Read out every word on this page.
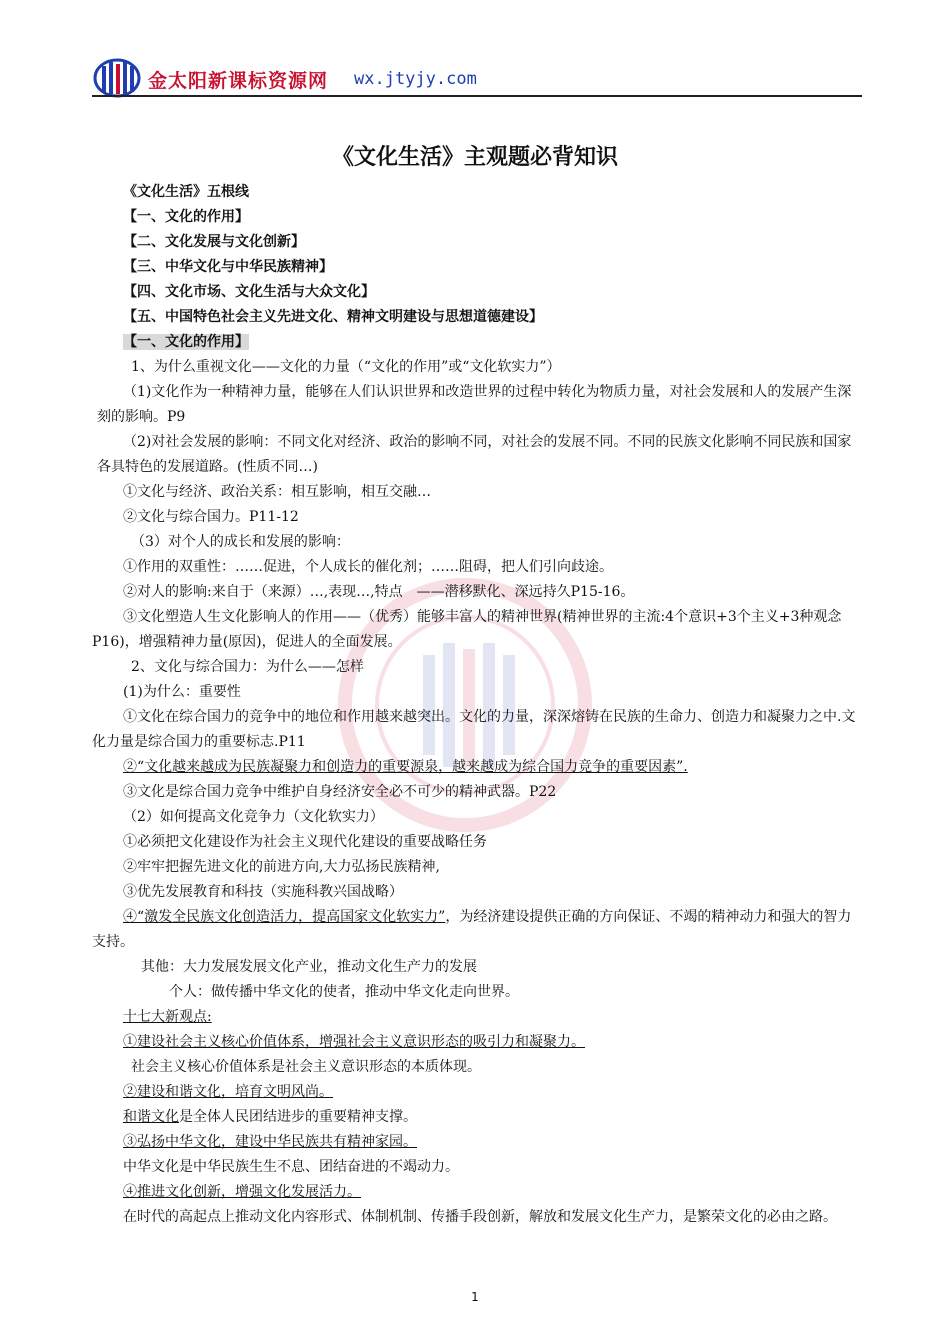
金太阳新课标资源网 wx.jtyjy.com
《文化生活》主观题必背知识
《文化生活》五根线
【一、文化的作用】
【二、文化发展与文化创新】
【三、中华文化与中华民族精神】
【四、文化市场、文化生活与大众文化】
【五、中国特色社会主义先进文化、精神文明建设与思想道德建设】
【一、文化的作用】
1、为什么重视文化——文化的力量（“文化的作用”或“文化软实力”）
（1)文化作为一种精神力量，能够在人们认识世界和改造世界的过程中转化为物质力量，对社会发展和人的发展产生深刻的影响。P9
（2)对社会发展的影响：不同文化对经济、政治的影响不同，对社会的发展不同。不同的民族文化影响不同民族和国家各具特色的发展道路。(性质不同…)
①文化与经济、政治关系：相互影响，相互交融…
②文化与综合国力。P11-12
（3）对个人的成长和发展的影响：
①作用的双重性：……促进，个人成长的催化剂；……阻碍，把人们引向歧途。
②对人的影响:来自于（来源）…,表现…,特点　——潜移默化、深远持久P15-16。
③文化塑造人生文化影响人的作用——（优秀）能够丰富人的精神世界(精神世界的主流:4个意识+3个主义+3种观念P16)，增强精神力量(原因)，促进人的全面发展。
2、文化与综合国力：为什么——怎样
(1)为什么：重要性
①文化在综合国力的竞争中的地位和作用越来越突出。文化的力量，深深熔铸在民族的生命力、创造力和凝聚力之中.文化力量是综合国力的重要标志.P11
②“文化越来越成为民族凝聚力和创造力的重要源泉，越来越成为综合国力竞争的重要因素”.
③文化是综合国力竞争中维护自身经济安全必不可少的精神武器。P22
（2）如何提高文化竞争力（文化软实力）
①必须把文化建设作为社会主义现代化建设的重要战略任务
②牢牢把握先进文化的前进方向,大力弘扬民族精神,
③优先发展教育和科技（实施科教兴国战略）
④“激发全民族文化创造活力，提高国家文化软实力”，为经济建设提供正确的方向保证、不竭的精神动力和强大的智力支持。
其他：大力发展发展文化产业，推动文化生产力的发展
个人：做传播中华文化的使者，推动中华文化走向世界。
十七大新观点:
①建设社会主义核心价值体系，增强社会主义意识形态的吸引力和凝聚力。
社会主义核心价值体系是社会主义意识形态的本质体现。
②建设和谐文化，培育文明风尚。
和谐文化是全体人民团结进步的重要精神支撑。
③弘扬中华文化，建设中华民族共有精神家园。
中华文化是中华民族生生不息、团结奋进的不竭动力。
④推进文化创新，增强文化发展活力。
在时代的高起点上推动文化内容形式、体制机制、传播手段创新，解放和发展文化生产力，是繁荣文化的必由之路。
1
